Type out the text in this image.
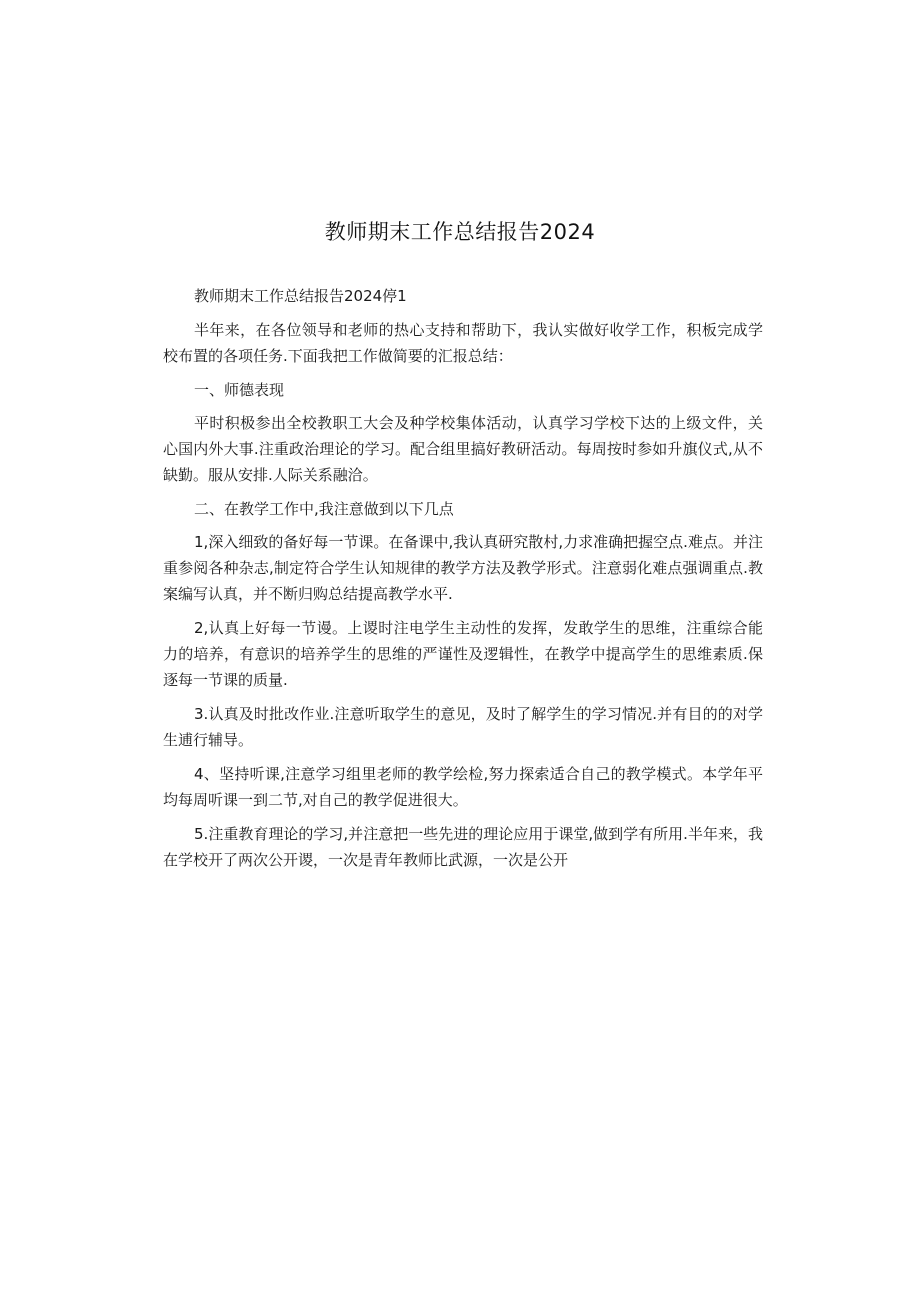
教师期末工作总结报告2024

教师期末工作总结报告2024停1

半年来，在各位领导和老师的热心支持和帮助下，我认实做好收学工作，积板完成学校布置的各项任务.下面我把工作做简要的汇报总结：

一、师德表现

平时积极参出全校教职工大会及种学校集体活动，认真学习学校下达的上级文件，关心国内外大事.注重政治理论的学习。配合组里搞好教研活动。每周按时参如升旗仪式,从不缺勤。服从安排.人际关系融洽。

二、在教学工作中,我注意做到以下几点

1,深入细致的备好每一节课。在备课中,我认真研究散村,力求准确把握空点.难点。并注重参阅各种杂志,制定符合学生认知规律的教学方法及教学形式。注意弱化难点强调重点.教案编写认真，并不断归购总结提高教学水平.

2,认真上好每一节谩。上谡时注电学生主动性的发挥，发敢学生的思维，注重综合能力的培养，有意识的培养学生的思维的严谨性及逻辑性，在教学中提高学生的思维素质.保逐每一节课的质量.

3.认真及时批改作业.注意听取学生的意见，及时了解学生的学习情况.并有目的的对学生逋行辅导。

4、坚持听课,注意学习组里老师的教学绘检,努力探索适合自己的教学模式。本学年平均每周听课一到二节,对自己的教学促进很大。

5.注重教育理论的学习,并注意把一些先进的理论应用于课堂,做到学有所用.半年来，我在学校开了两次公开谡，一次是青年教师比武源，一次是公开
